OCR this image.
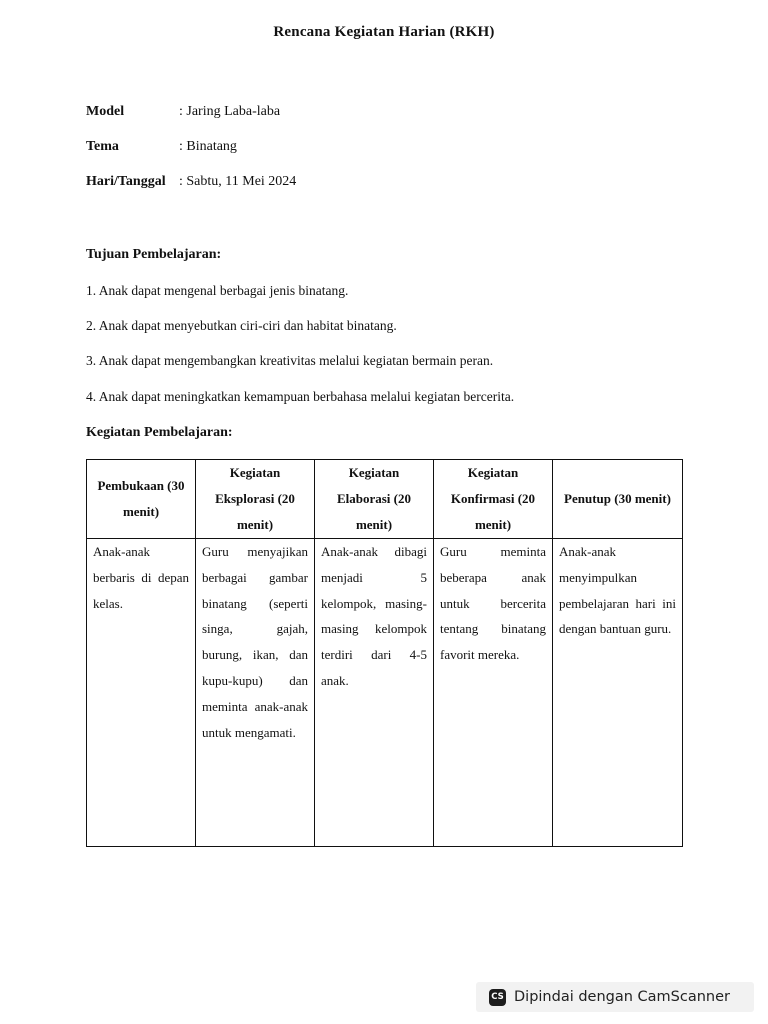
Rencana Kegiatan Harian (RKH)
Model	: Jaring Laba-laba
Tema	: Binatang
Hari/Tanggal : Sabtu, 11 Mei 2024
Tujuan Pembelajaran:
1. Anak dapat mengenal berbagai jenis binatang.
2. Anak dapat menyebutkan ciri-ciri dan habitat binatang.
3. Anak dapat mengembangkan kreativitas melalui kegiatan bermain peran.
4. Anak dapat meningkatkan kemampuan berbahasa melalui kegiatan bercerita.
Kegiatan Pembelajaran:
Pembukaan (30 menit)	Kegiatan Eksplorasi (20 menit)	Kegiatan Elaborasi (20 menit)	Kegiatan Konfirmasi (20 menit)	Penutup (30 menit)
Anak-anak berbaris di depan kelas.	Guru menyajikan berbagai gambar binatang (seperti singa, gajah, burung, ikan, dan kupu-kupu) dan meminta anak-anak untuk mengamati.	Anak-anak dibagi menjadi 5 kelompok, masing-masing kelompok terdiri dari 4-5 anak.	Guru meminta beberapa anak untuk bercerita tentang binatang favorit mereka.	Anak-anak menyimpulkan pembelajaran hari ini dengan bantuan guru.
CS Dipindai dengan CamScanner
